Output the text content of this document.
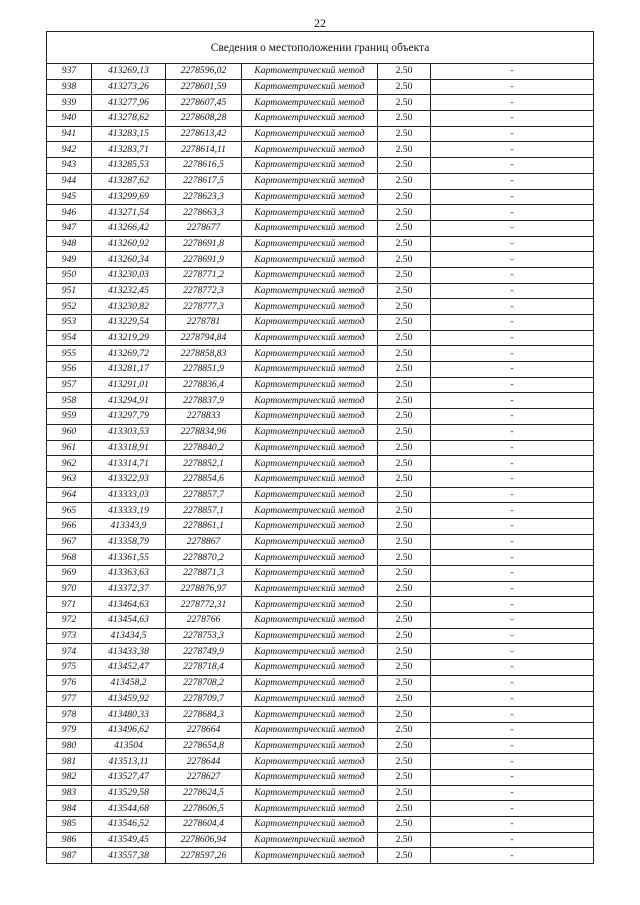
22
Сведения о местоположении границ объекта					
937	413269,13	2278596,02	Картометрический метод	2.50	-
938	413273,26	2278601,59	Картометрический метод	2.50	-
939	413277,96	2278607,45	Картометрический метод	2.50	-
940	413278,62	2278608,28	Картометрический метод	2.50	-
941	413283,15	2278613,42	Картометрический метод	2.50	-
942	413283,71	2278614,11	Картометрический метод	2.50	-
943	413285,53	2278616,5	Картометрический метод	2.50	-
944	413287,62	2278617,5	Картометрический метод	2.50	-
945	413299,69	2278623,3	Картометрический метод	2.50	-
946	413271,54	2278663,3	Картометрический метод	2.50	-
947	413266,42	2278677	Картометрический метод	2.50	-
948	413260,92	2278691,8	Картометрический метод	2.50	-
949	413260,34	2278691,9	Картометрический метод	2.50	-
950	413230,03	2278771,2	Картометрический метод	2.50	-
951	413232,45	2278772,3	Картометрический метод	2.50	-
952	413230,82	2278777,3	Картометрический метод	2.50	-
953	413229,54	2278781	Картометрический метод	2.50	-
954	413219,29	2278794,84	Картометрический метод	2.50	-
955	413269,72	2278858,83	Картометрический метод	2.50	-
956	413281,17	2278851,9	Картометрический метод	2.50	-
957	413291,01	2278836,4	Картометрический метод	2.50	-
958	413294,91	2278837,9	Картометрический метод	2.50	-
959	413297,79	2278833	Картометрический метод	2.50	-
960	413303,53	2278834,96	Картометрический метод	2.50	-
961	413318,91	2278840,2	Картометрический метод	2.50	-
962	413314,71	2278852,1	Картометрический метод	2.50	-
963	413322,93	2278854,6	Картометрический метод	2.50	-
964	413333,03	2278857,7	Картометрический метод	2.50	-
965	413333,19	2278857,1	Картометрический метод	2.50	-
966	413343,9	2278861,1	Картометрический метод	2.50	-
967	413358,79	2278867	Картометрический метод	2.50	-
968	413361,55	2278870,2	Картометрический метод	2.50	-
969	413363,63	2278871,3	Картометрический метод	2.50	-
970	413372,37	2278876,97	Картометрический метод	2.50	-
971	413464,63	2278772,31	Картометрический метод	2.50	-
972	413454,63	2278766	Картометрический метод	2.50	-
973	413434,5	2278753,3	Картометрический метод	2.50	-
974	413433,38	2278749,9	Картометрический метод	2.50	-
975	413452,47	2278718,4	Картометрический метод	2.50	-
976	413458,2	2278708,2	Картометрический метод	2.50	-
977	413459,92	2278709,7	Картометрический метод	2.50	-
978	413480,33	2278684,3	Картометрический метод	2.50	-
979	413496,62	2278664	Картометрический метод	2.50	-
980	413504	2278654,8	Картометрический метод	2.50	-
981	413513,11	2278644	Картометрический метод	2.50	-
982	413527,47	2278627	Картометрический метод	2.50	-
983	413529,58	2278624,5	Картометрический метод	2.50	-
984	413544,68	2278606,5	Картометрический метод	2.50	-
985	413546,52	2278604,4	Картометрический метод	2.50	-
986	413549,45	2278606,94	Картометрический метод	2.50	-
987	413557,38	2278597,26	Картометрический метод	2.50	-
